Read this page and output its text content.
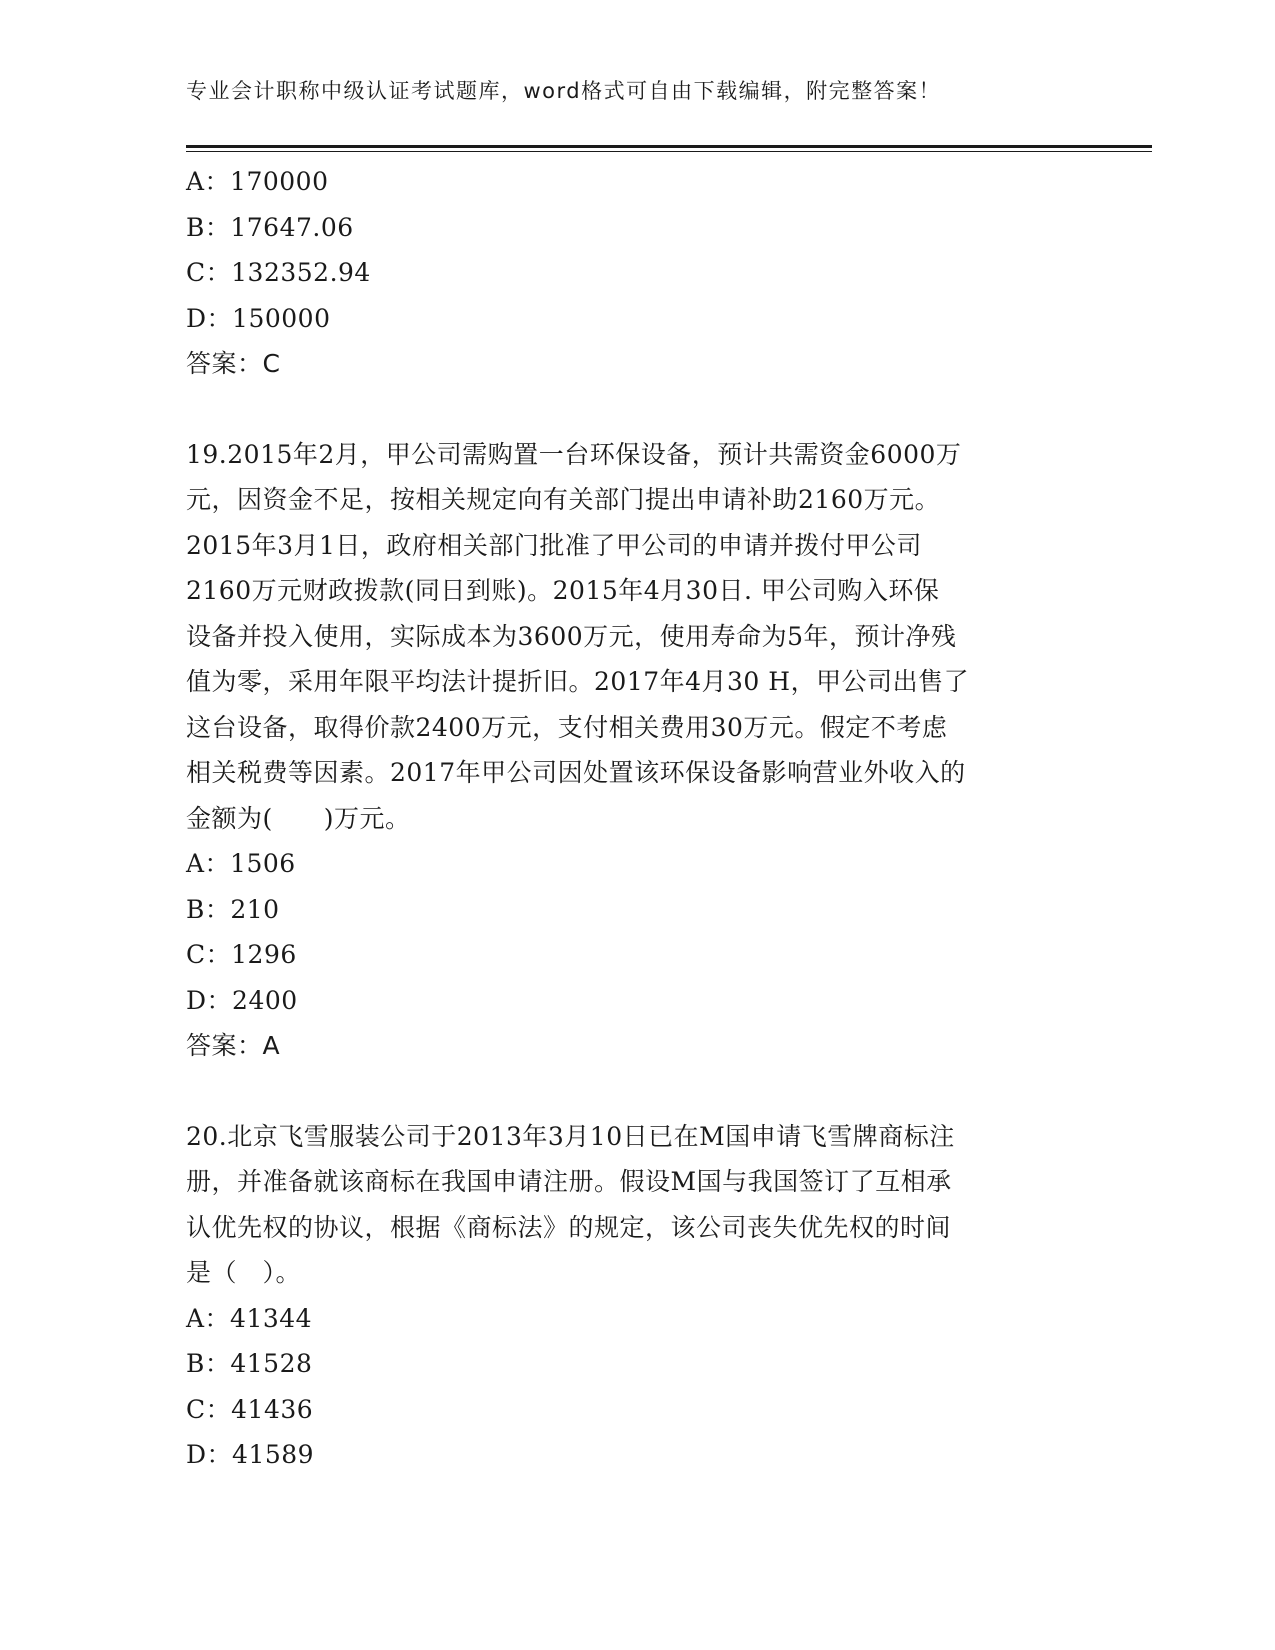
专业会计职称中级认证考试题库，word格式可自由下载编辑，附完整答案！
A：170000
B：17647.06
C：132352.94
D：150000
答案：C
19.2015年2月，甲公司需购置一台环保设备，预计共需资金6000万
元，因资金不足，按相关规定向有关部门提出申请补助2160万元。
2015年3月1日，政府相关部门批准了甲公司的申请并拨付甲公司
2160万元财政拨款(同日到账)。2015年4月30日. 甲公司购入环保
设备并投入使用，实际成本为3600万元，使用寿命为5年，预计净残
值为零，采用年限平均法计提折旧。2017年4月30 H，甲公司出售了
这台设备，取得价款2400万元，支付相关费用30万元。假定不考虑
相关税费等因素。2017年甲公司因处置该环保设备影响营业外收入的
金额为(　　)万元。
A：1506
B：210
C：1296
D：2400
答案：A
20.北京飞雪服装公司于2013年3月10日已在M国申请飞雪牌商标注
册，并准备就该商标在我国申请注册。假设M国与我国签订了互相承
认优先权的协议，根据《商标法》的规定，该公司丧失优先权的时间
是（　）。
A：41344
B：41528
C：41436
D：41589
